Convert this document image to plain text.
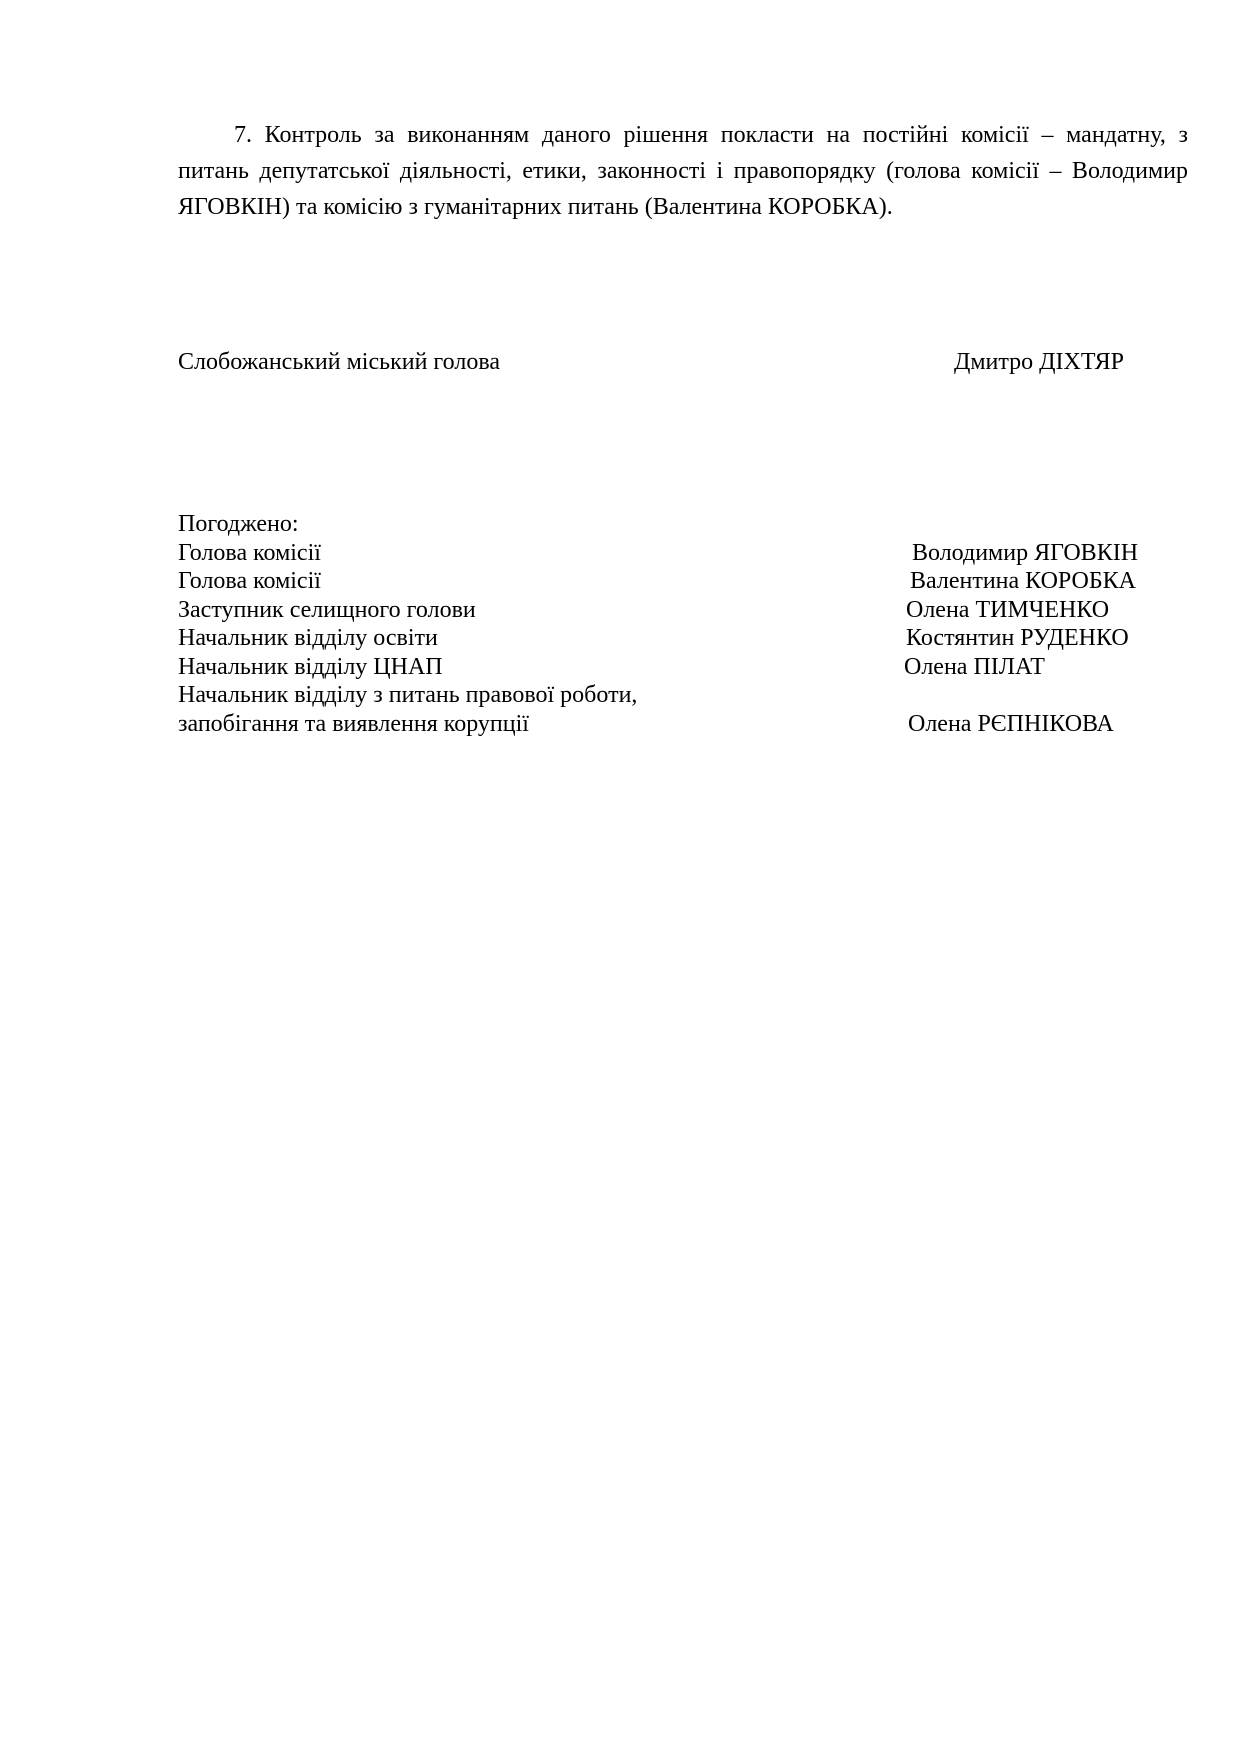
7. Контроль за виконанням даного рішення покласти на постійні комісії – мандатну, з
питань депутатської діяльності, етики, законності і правопорядку (голова комісії – Володимир
ЯГОВКІН) та комісію з гуманітарних питань (Валентина КОРОБКА).
Слобожанський міський голова	Дмитро ДІХТЯР
Погоджено:
Голова комісії	Володимир ЯГОВКІН
Голова комісії	Валентина КОРОБКА
Заступник селищного голови	Олена ТИМЧЕНКО
Начальник відділу освіти	Костянтин РУДЕНКО
Начальник відділу ЦНАП	Олена ПІЛАТ
Начальник відділу з питань правової роботи,
запобігання та виявлення корупції	Олена РЄПНІКОВА
